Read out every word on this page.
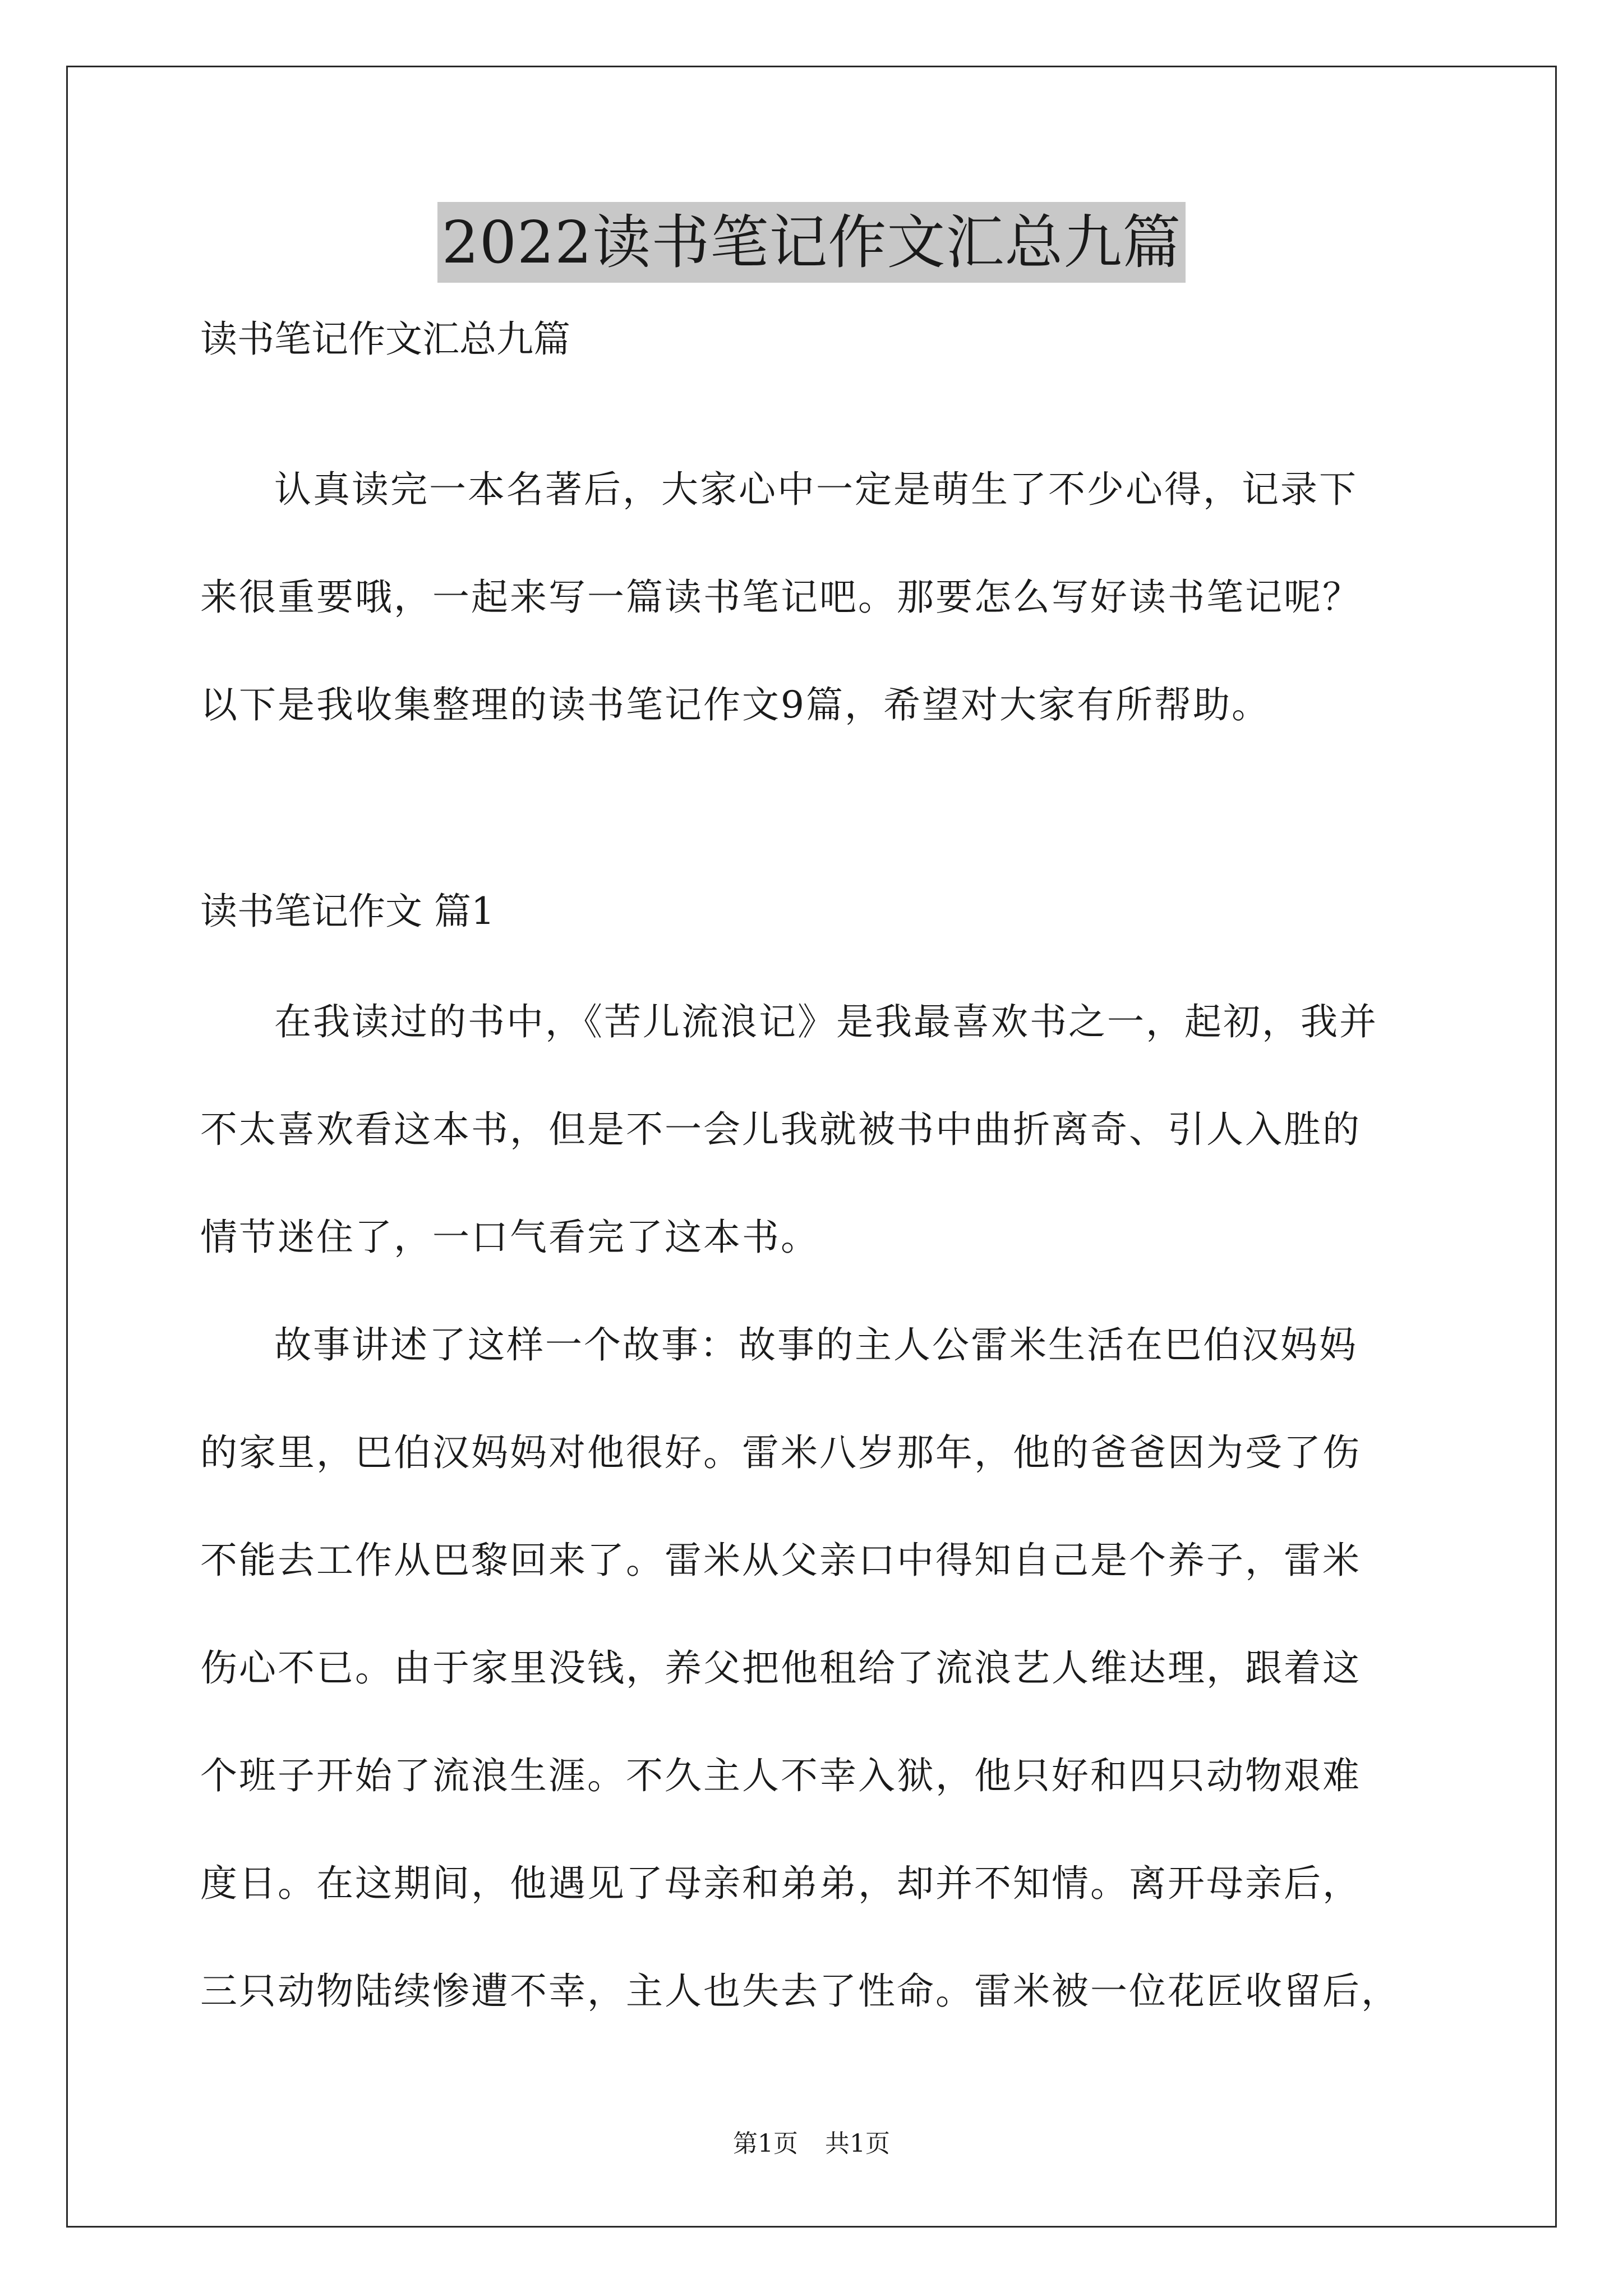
2022读书笔记作文汇总九篇
读书笔记作文汇总九篇
认真读完一本名著后，大家心中一定是萌生了不少心得，记录下
来很重要哦，一起来写一篇读书笔记吧。那要怎么写好读书笔记呢？
以下是我收集整理的读书笔记作文9篇，希望对大家有所帮助。
读书笔记作文 篇1
在我读过的书中，《苦儿流浪记》是我最喜欢书之一，起初，我并
不太喜欢看这本书，但是不一会儿我就被书中曲折离奇、引人入胜的
情节迷住了，一口气看完了这本书。
故事讲述了这样一个故事：故事的主人公雷米生活在巴伯汉妈妈
的家里，巴伯汉妈妈对他很好。雷米八岁那年，他的爸爸因为受了伤
不能去工作从巴黎回来了。雷米从父亲口中得知自己是个养子，雷米
伤心不已。由于家里没钱，养父把他租给了流浪艺人维达理，跟着这
个班子开始了流浪生涯。不久主人不幸入狱，他只好和四只动物艰难
度日。在这期间，他遇见了母亲和弟弟，却并不知情。离开母亲后，
三只动物陆续惨遭不幸，主人也失去了性命。雷米被一位花匠收留后，
第1页 共1页
